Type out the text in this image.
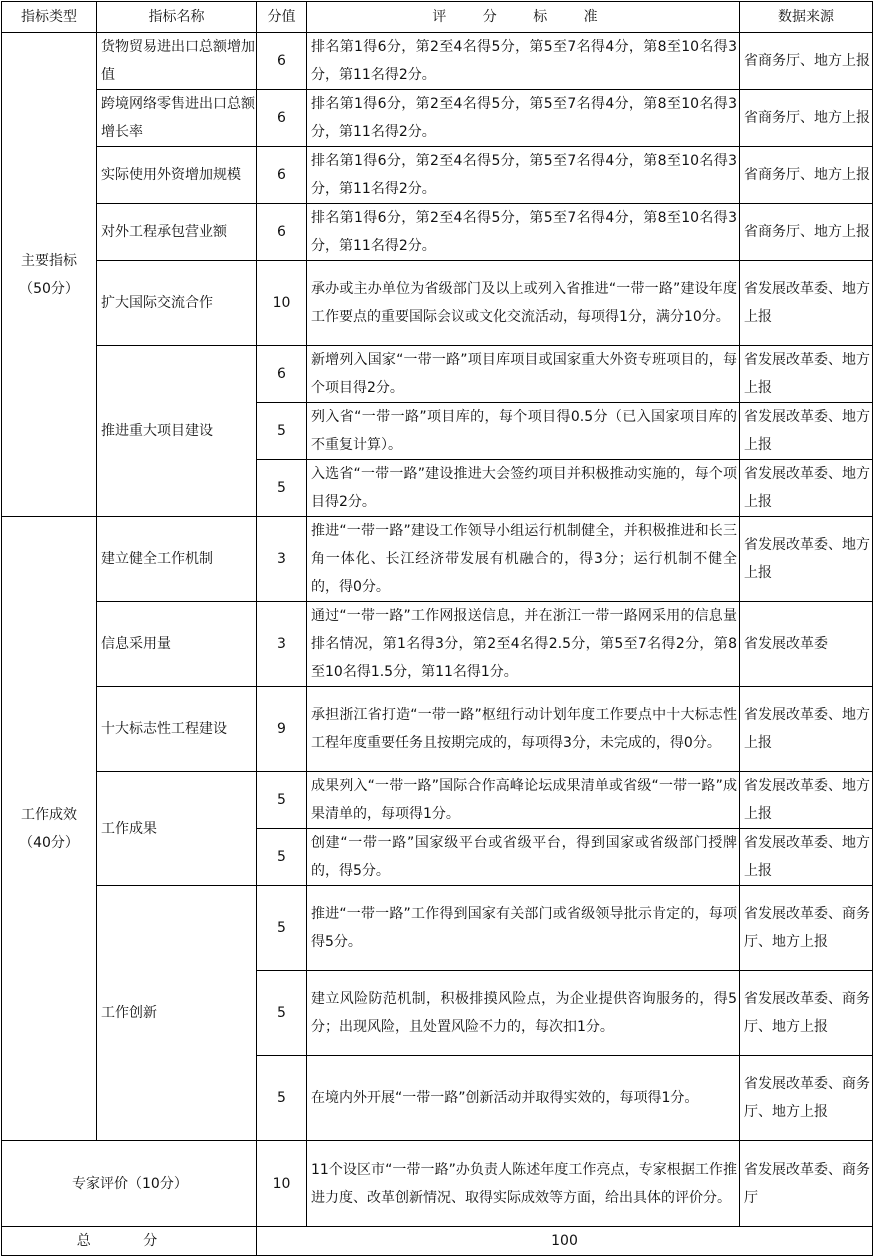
指标类型	指标名称	分值	评 分 标 准	数据来源

主要指标（50分）	货物贸易进出口总额增加值	6	排名第1得6分，第2至4名得5分，第5至7名得4分，第8至10名得3分，第11名得2分。	省商务厅、地方上报
	跨境网络零售进出口总额增长率	6	排名第1得6分，第2至4名得5分，第5至7名得4分，第8至10名得3分，第11名得2分。	省商务厅、地方上报
	实际使用外资增加规模	6	排名第1得6分，第2至4名得5分，第5至7名得4分，第8至10名得3分，第11名得2分。	省商务厅、地方上报
	对外工程承包营业额	6	排名第1得6分，第2至4名得5分，第5至7名得4分，第8至10名得3分，第11名得2分。	省商务厅、地方上报
	扩大国际交流合作	10	承办或主办单位为省级部门及以上或列入省推进“一带一路”建设年度工作要点的重要国际会议或文化交流活动，每项得1分，满分10分。	省发展改革委、地方上报
	推进重大项目建设	6	新增列入国家“一带一路”项目库项目或国家重大外资专班项目的，每个项目得2分。	省发展改革委、地方上报
		5	列入省“一带一路”项目库的，每个项目得0.5分（已入国家项目库的不重复计算）。	省发展改革委、地方上报
		5	入选省“一带一路”建设推进大会签约项目并积极推动实施的，每个项目得2分。	省发展改革委、地方上报

工作成效（40分）	建立健全工作机制	3	推进“一带一路”建设工作领导小组运行机制健全，并积极推进和长三角一体化、长江经济带发展有机融合的，得3分；运行机制不健全的，得0分。	省发展改革委、地方上报
	信息采用量	3	通过“一带一路”工作网报送信息，并在浙江一带一路网采用的信息量排名情况，第1名得3分，第2至4名得2.5分，第5至7名得2分，第8至10名得1.5分，第11名得1分。	省发展改革委
	十大标志性工程建设	9	承担浙江省打造“一带一路”枢纽行动计划年度工作要点中十大标志性工程年度重要任务且按期完成的，每项得3分，未完成的，得0分。	省发展改革委、地方上报
	工作成果	5	成果列入“一带一路”国际合作高峰论坛成果清单或省级“一带一路”成果清单的，每项得1分。	省发展改革委、地方上报
		5	创建“一带一路”国家级平台或省级平台，得到国家或省级部门授牌的，得5分。	省发展改革委、地方上报
	工作创新	5	推进“一带一路”工作得到国家有关部门或省级领导批示肯定的，每项得5分。	省发展改革委、商务厅、地方上报
		5	建立风险防范机制，积极排摸风险点，为企业提供咨询服务的，得5分；出现风险，且处置风险不力的，每次扣1分。	省发展改革委、商务厅、地方上报
		5	在境内外开展“一带一路”创新活动并取得实效的，每项得1分。	省发展改革委、商务厅、地方上报

专家评价（10分）		10	11个设区市“一带一路”办负责人陈述年度工作亮点，专家根据工作推进力度、改革创新情况、取得实际成效等方面，给出具体的评价分。	省发展改革委、商务厅
总 分		100		
